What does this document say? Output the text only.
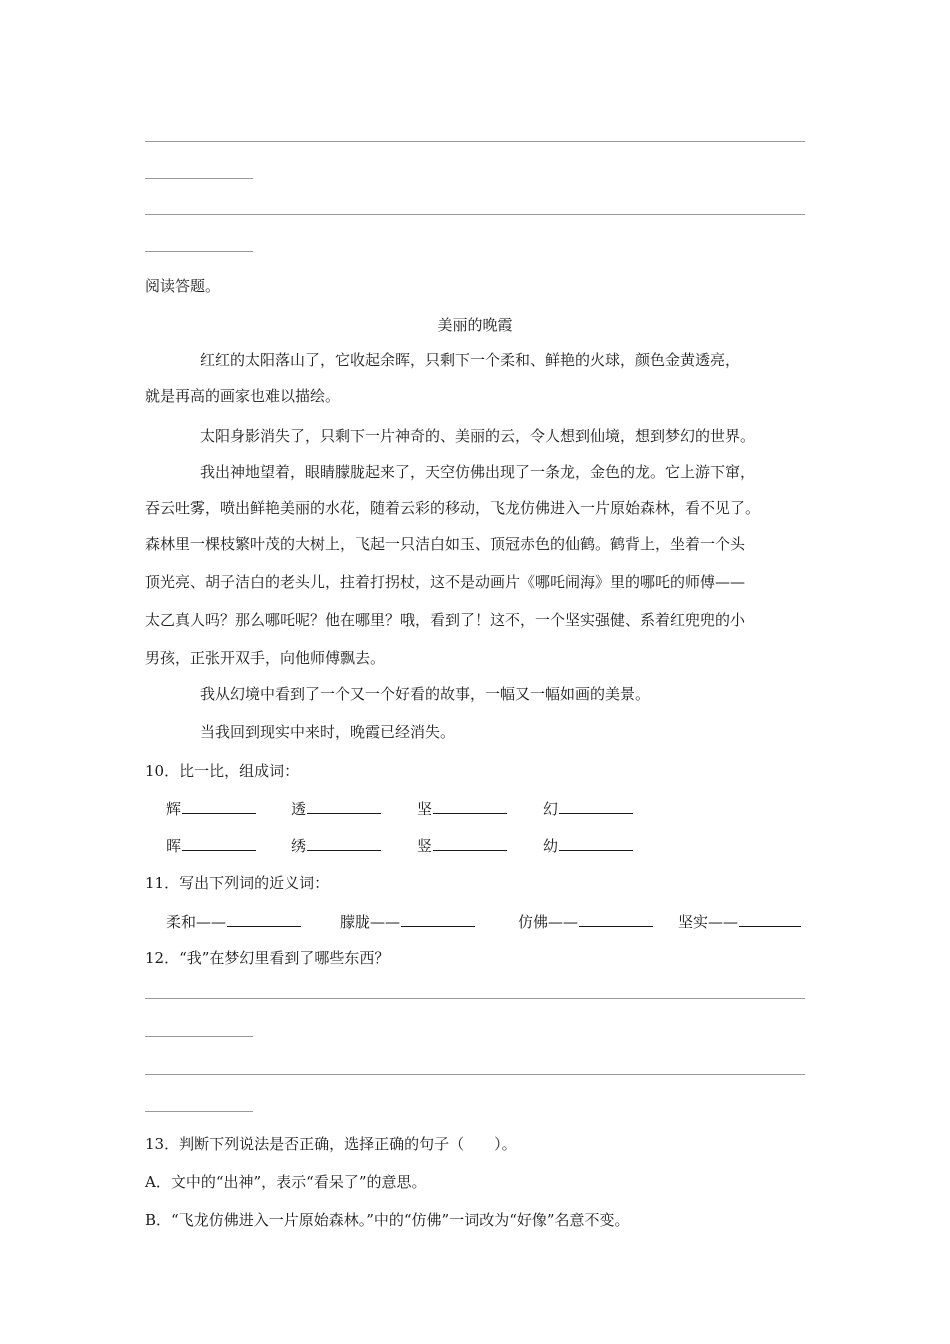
阅读答题。
美丽的晚霞
红红的太阳落山了，它收起余晖，只剩下一个柔和、鲜艳的火球，颜色金黄透亮，
就是再高的画家也难以描绘。
太阳身影消失了，只剩下一片神奇的、美丽的云，令人想到仙境，想到梦幻的世界。
我出神地望着，眼睛朦胧起来了，天空仿佛出现了一条龙，金色的龙。它上游下窜，
吞云吐雾，喷出鲜艳美丽的水花，随着云彩的移动，飞龙仿佛进入一片原始森林，看不见了。
森林里一棵枝繁叶茂的大树上，飞起一只洁白如玉、顶冠赤色的仙鹤。鹤背上，坐着一个头
顶光亮、胡子洁白的老头儿，拄着打拐杖，这不是动画片《哪吒闹海》里的哪吒的师傅——
太乙真人吗？那么哪吒呢？他在哪里？哦，看到了！这不，一个坚实强健、系着红兜兜的小
男孩，正张开双手，向他师傅飘去。
我从幻境中看到了一个又一个好看的故事，一幅又一幅如画的美景。
当我回到现实中来时，晚霞已经消失。
10．比一比，组成词：
辉	透	坚	幻
晖	绣	竖	幼
11．写出下列词的近义词：
柔和——	朦胧——	仿佛——	坚实——
12．“我”在梦幻里看到了哪些东西？
13．判断下列说法是否正确，选择正确的句子（　　）。
A．文中的“出神”，表示“看呆了”的意思。
B．“飞龙仿佛进入一片原始森林。”中的“仿佛”一词改为“好像”名意不变。
